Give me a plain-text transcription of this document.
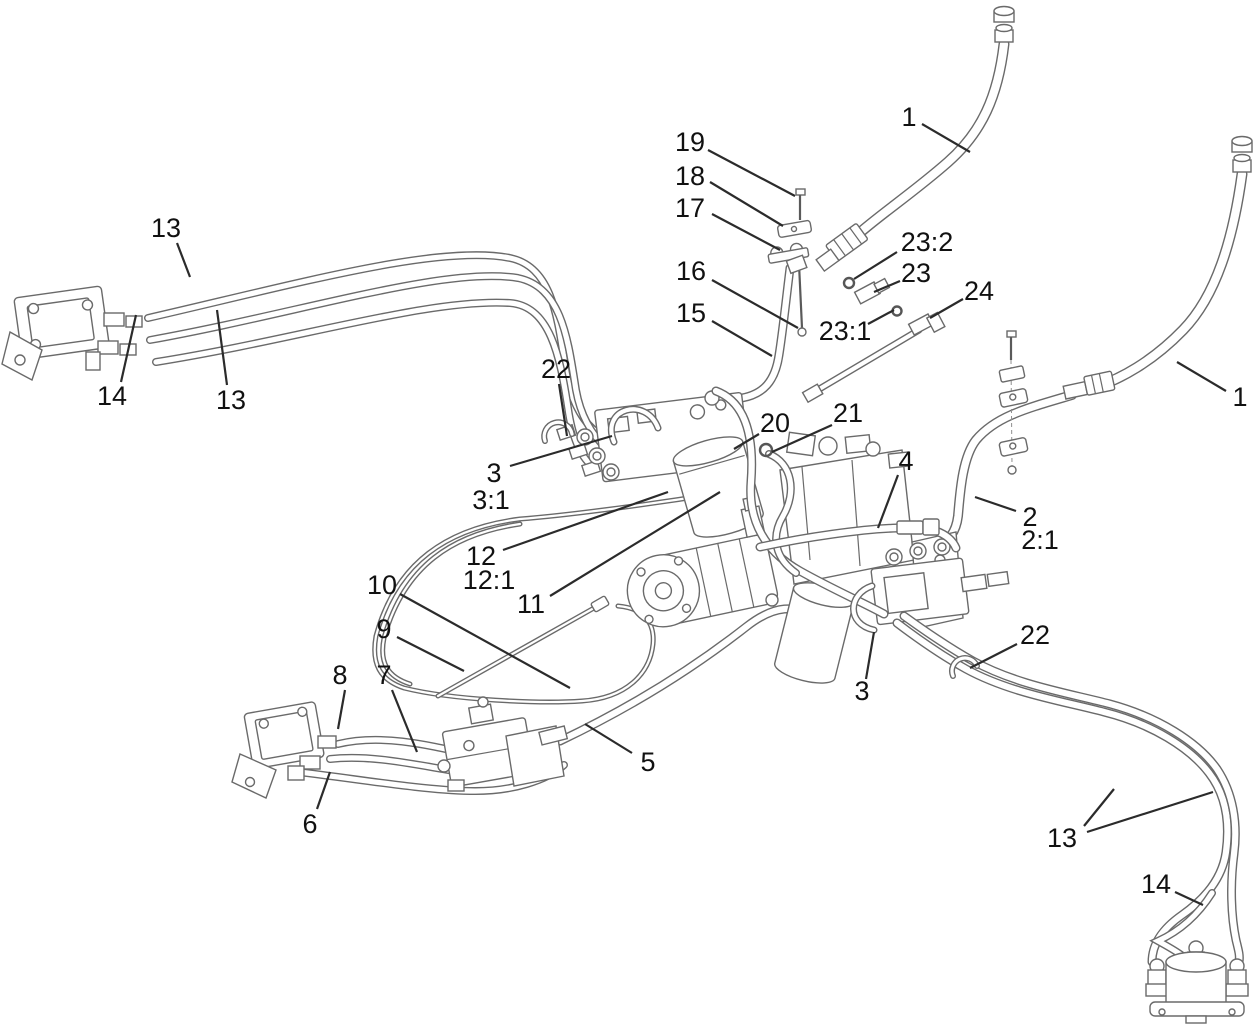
19
18
17
16
15
1
23:2
23
24
23:1
13
14	13
22
3
3:1
12
12:1
11
10
9
8 7
6
5
20 21
4
2
2:1
1
3
22
13
14
